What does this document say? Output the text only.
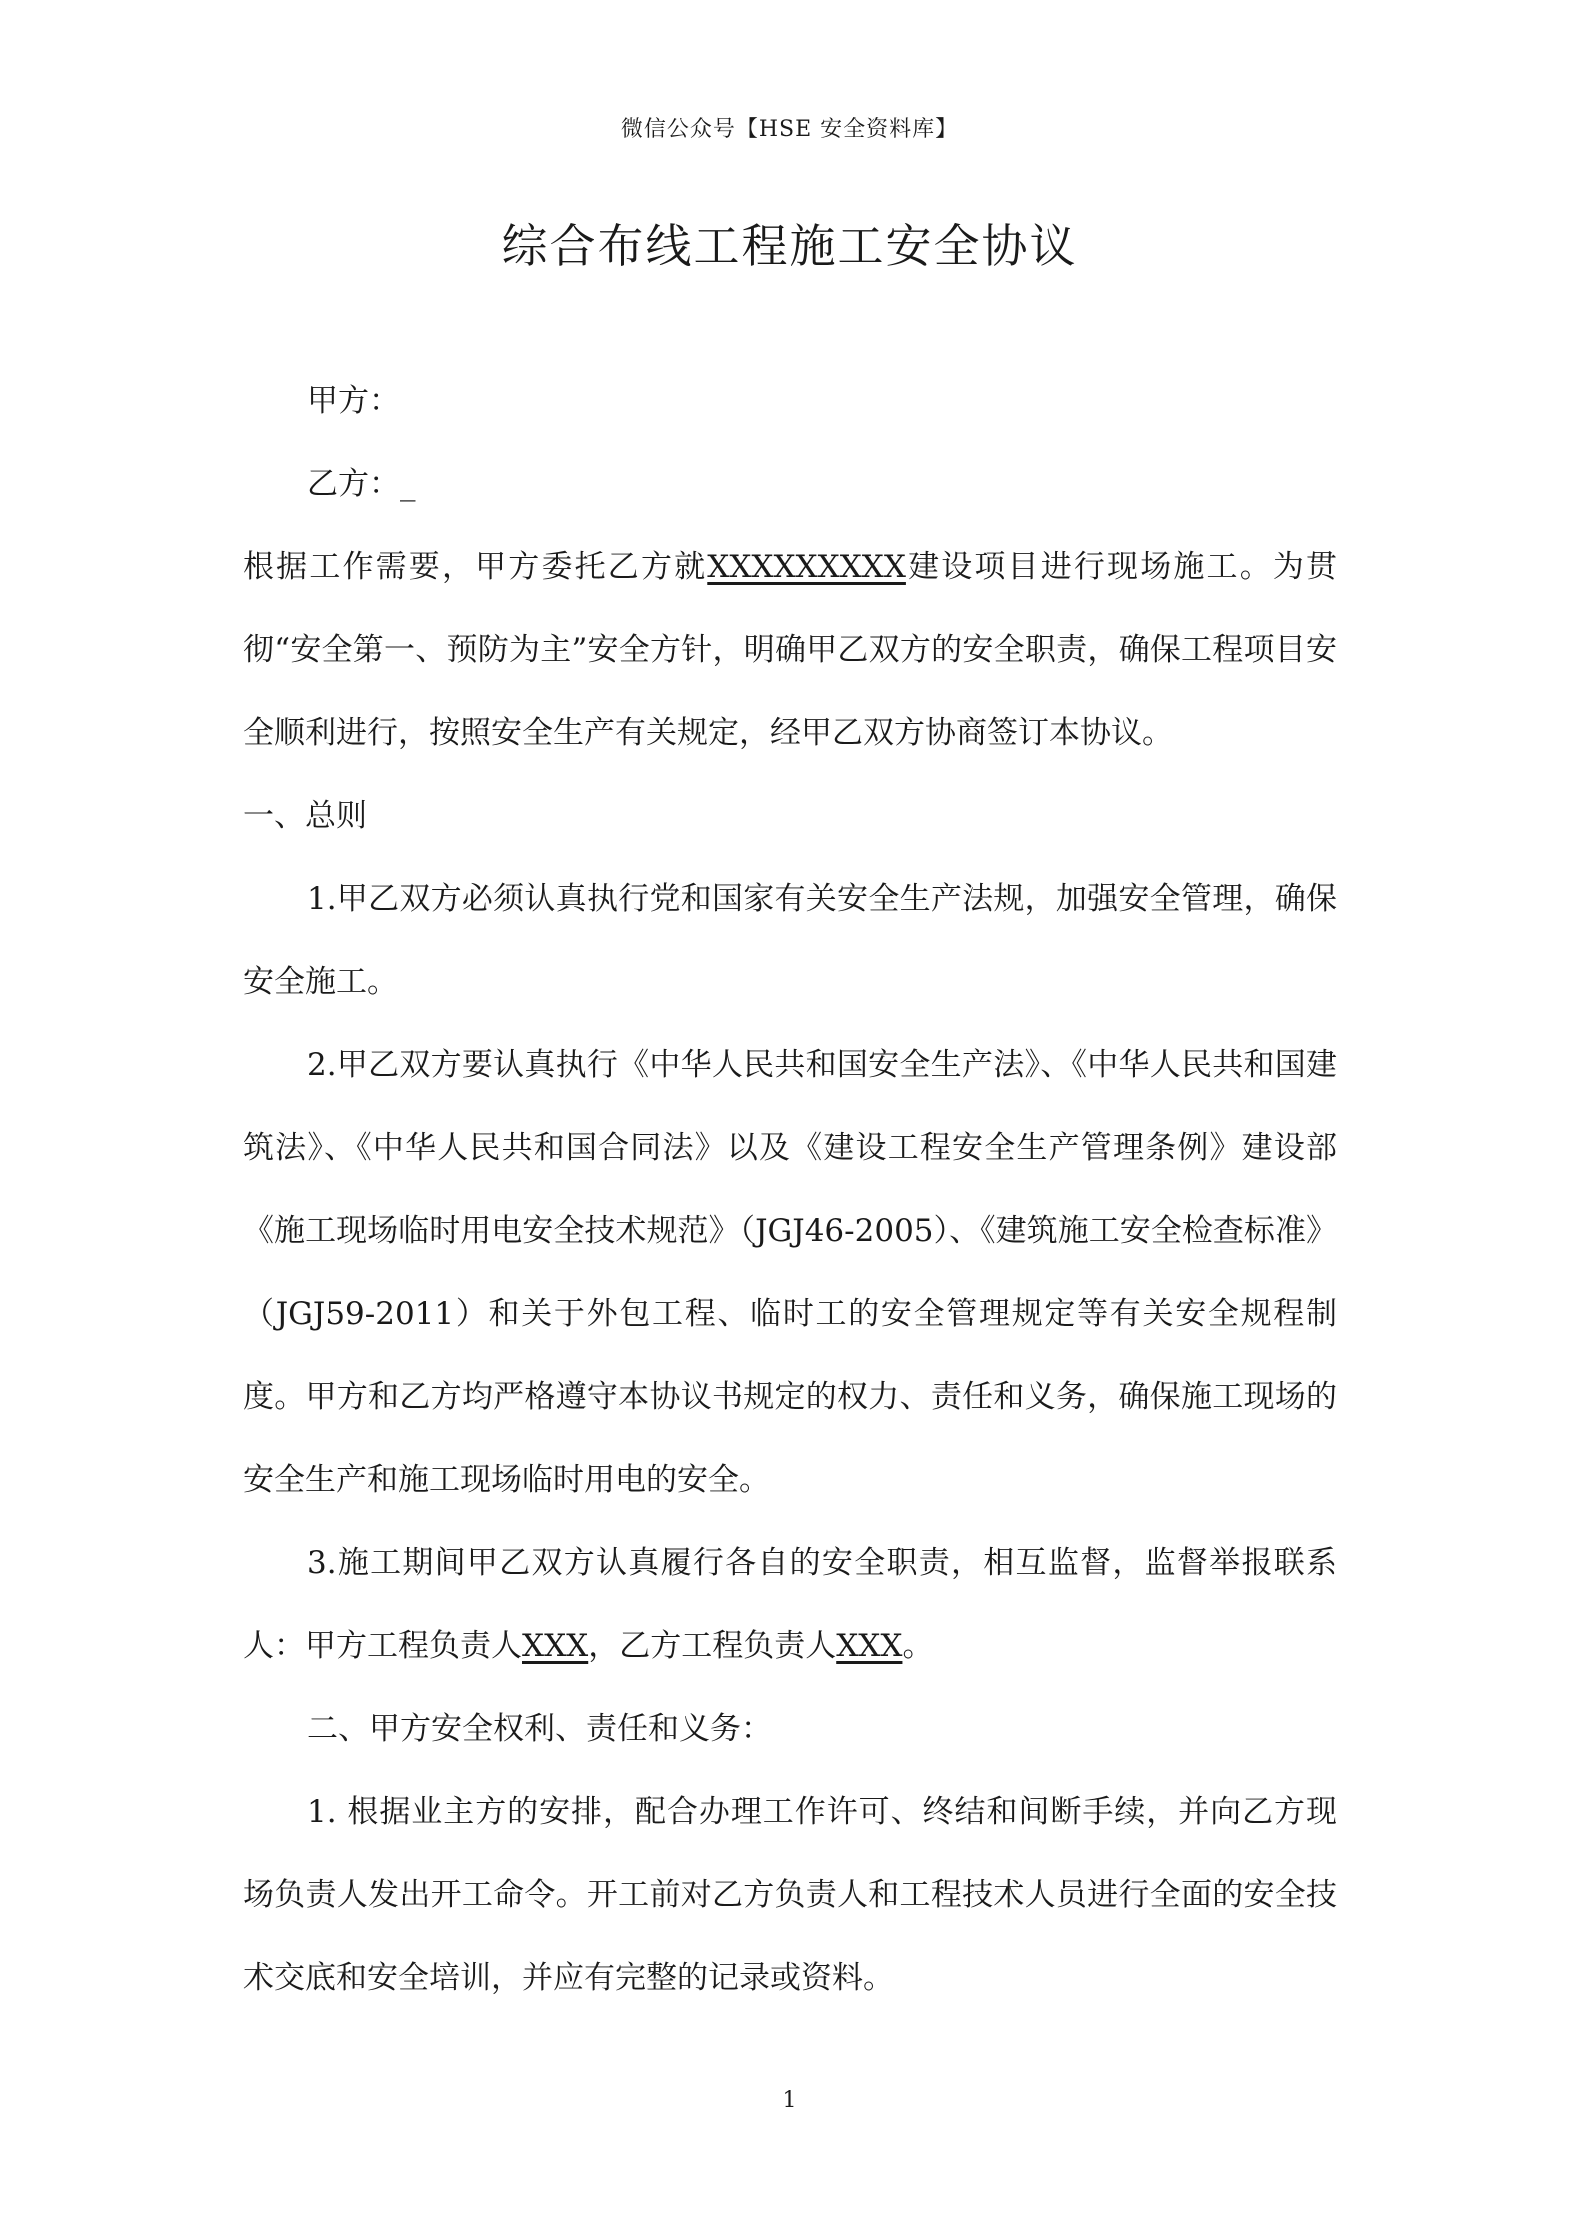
微信公众号【HSE 安全资料库】
综合布线工程施工安全协议

甲方：

乙方：_

根据工作需要，甲方委托乙方就XXXXXXXXX建设项目进行现场施工。为贯彻“安全第一、预防为主”安全方针，明确甲乙双方的安全职责，确保工程项目安全顺利进行，按照安全生产有关规定，经甲乙双方协商签订本协议。

一、总则

1.甲乙双方必须认真执行党和国家有关安全生产法规，加强安全管理，确保安全施工。

2.甲乙双方要认真执行《中华人民共和国安全生产法》、《中华人民共和国建筑法》、《中华人民共和国合同法》以及《建设工程安全生产管理条例》建设部《施工现场临时用电安全技术规范》（JGJ46-2005）、《建筑施工安全检查标准》（JGJ59-2011）和关于外包工程、临时工的安全管理规定等有关安全规程制度。甲方和乙方均严格遵守本协议书规定的权力、责任和义务，确保施工现场的安全生产和施工现场临时用电的安全。

3.施工期间甲乙双方认真履行各自的安全职责，相互监督，监督举报联系人：甲方工程负责人XXX，乙方工程负责人XXX。

二、甲方安全权利、责任和义务：

1. 根据业主方的安排，配合办理工作许可、终结和间断手续，并向乙方现场负责人发出开工命令。开工前对乙方负责人和工程技术人员进行全面的安全技术交底和安全培训，并应有完整的记录或资料。

1
